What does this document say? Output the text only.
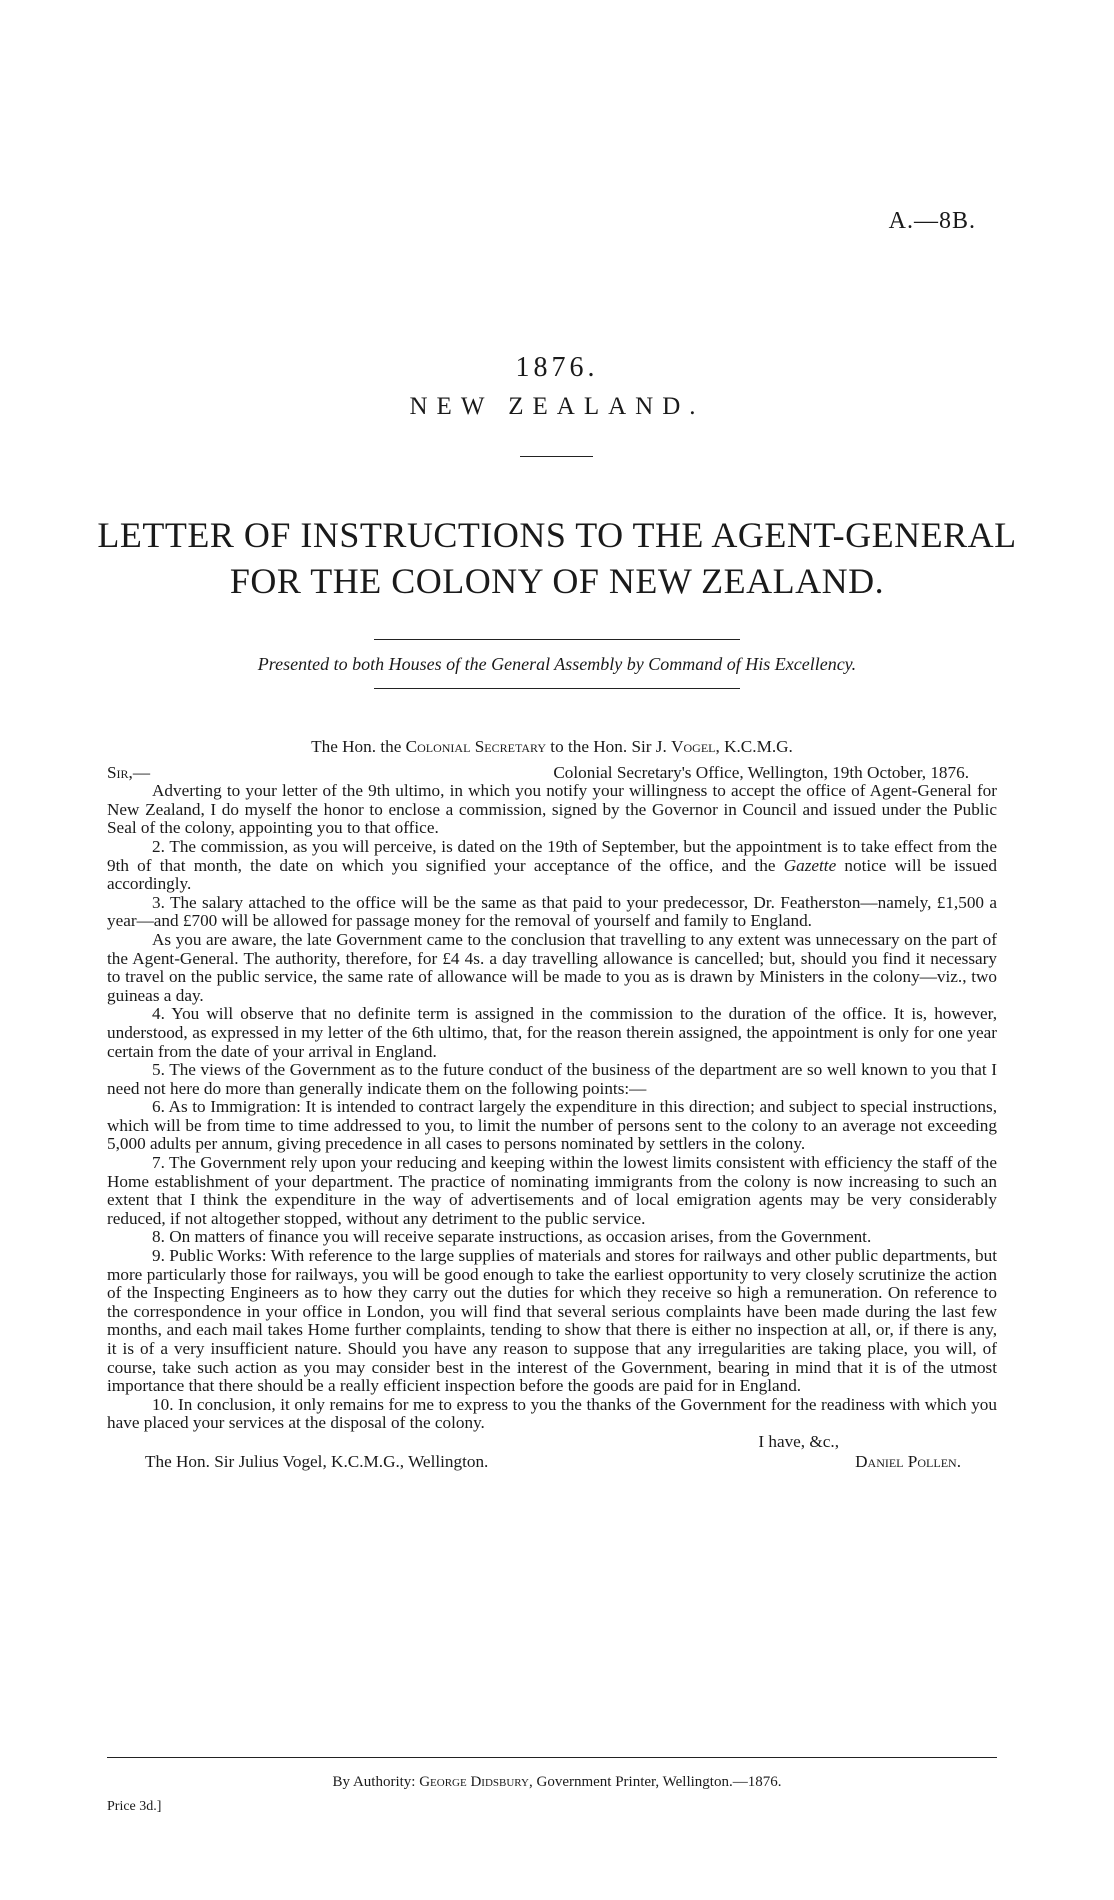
A.—8B.
1876.
NEW ZEALAND.
LETTER OF INSTRUCTIONS TO THE AGENT-GENERAL
FOR THE COLONY OF NEW ZEALAND.
Presented to both Houses of the General Assembly by Command of His Excellency.
The Hon. the Colonial Secretary to the Hon. Sir J. Vogel, K.C.M.G.
Sir,—	Colonial Secretary's Office, Wellington, 19th October, 1876.

Adverting to your letter of the 9th ultimo, in which you notify your willingness to accept the office of Agent-General for New Zealand, I do myself the honor to enclose a commission, signed by the Governor in Council and issued under the Public Seal of the colony, appointing you to that office.

2. The commission, as you will perceive, is dated on the 19th of September, but the appointment is to take effect from the 9th of that month, the date on which you signified your acceptance of the office, and the Gazette notice will be issued accordingly.

3. The salary attached to the office will be the same as that paid to your predecessor, Dr. Featherston—namely, £1,500 a year—and £700 will be allowed for passage money for the removal of yourself and family to England.

As you are aware, the late Government came to the conclusion that travelling to any extent was unnecessary on the part of the Agent-General. The authority, therefore, for £4 4s. a day travelling allowance is cancelled; but, should you find it necessary to travel on the public service, the same rate of allowance will be made to you as is drawn by Ministers in the colony—viz., two guineas a day.

4. You will observe that no definite term is assigned in the commission to the duration of the office. It is, however, understood, as expressed in my letter of the 6th ultimo, that, for the reason therein assigned, the appointment is only for one year certain from the date of your arrival in England.

5. The views of the Government as to the future conduct of the business of the department are so well known to you that I need not here do more than generally indicate them on the following points:—

6. As to Immigration: It is intended to contract largely the expenditure in this direction; and subject to special instructions, which will be from time to time addressed to you, to limit the number of persons sent to the colony to an average not exceeding 5,000 adults per annum, giving precedence in all cases to persons nominated by settlers in the colony.

7. The Government rely upon your reducing and keeping within the lowest limits consistent with efficiency the staff of the Home establishment of your department. The practice of nominating immigrants from the colony is now increasing to such an extent that I think the expenditure in the way of advertisements and of local emigration agents may be very considerably reduced, if not altogether stopped, without any detriment to the public service.

8. On matters of finance you will receive separate instructions, as occasion arises, from the Government.

9. Public Works: With reference to the large supplies of materials and stores for railways and other public departments, but more particularly those for railways, you will be good enough to take the earliest opportunity to very closely scrutinize the action of the Inspecting Engineers as to how they carry out the duties for which they receive so high a remuneration. On reference to the correspondence in your office in London, you will find that several serious complaints have been made during the last few months, and each mail takes Home further complaints, tending to show that there is either no inspection at all, or, if there is any, it is of a very insufficient nature. Should you have any reason to suppose that any irregularities are taking place, you will, of course, take such action as you may consider best in the interest of the Government, bearing in mind that it is of the utmost importance that there should be a really efficient inspection before the goods are paid for in England.

10. In conclusion, it only remains for me to express to you the thanks of the Government for the readiness with which you have placed your services at the disposal of the colony.

I have, &c.,
The Hon. Sir Julius Vogel, K.C.M.G., Wellington.	Daniel Pollen.
By Authority: George Didsbury, Government Printer, Wellington.—1876.
Price 3d.]
